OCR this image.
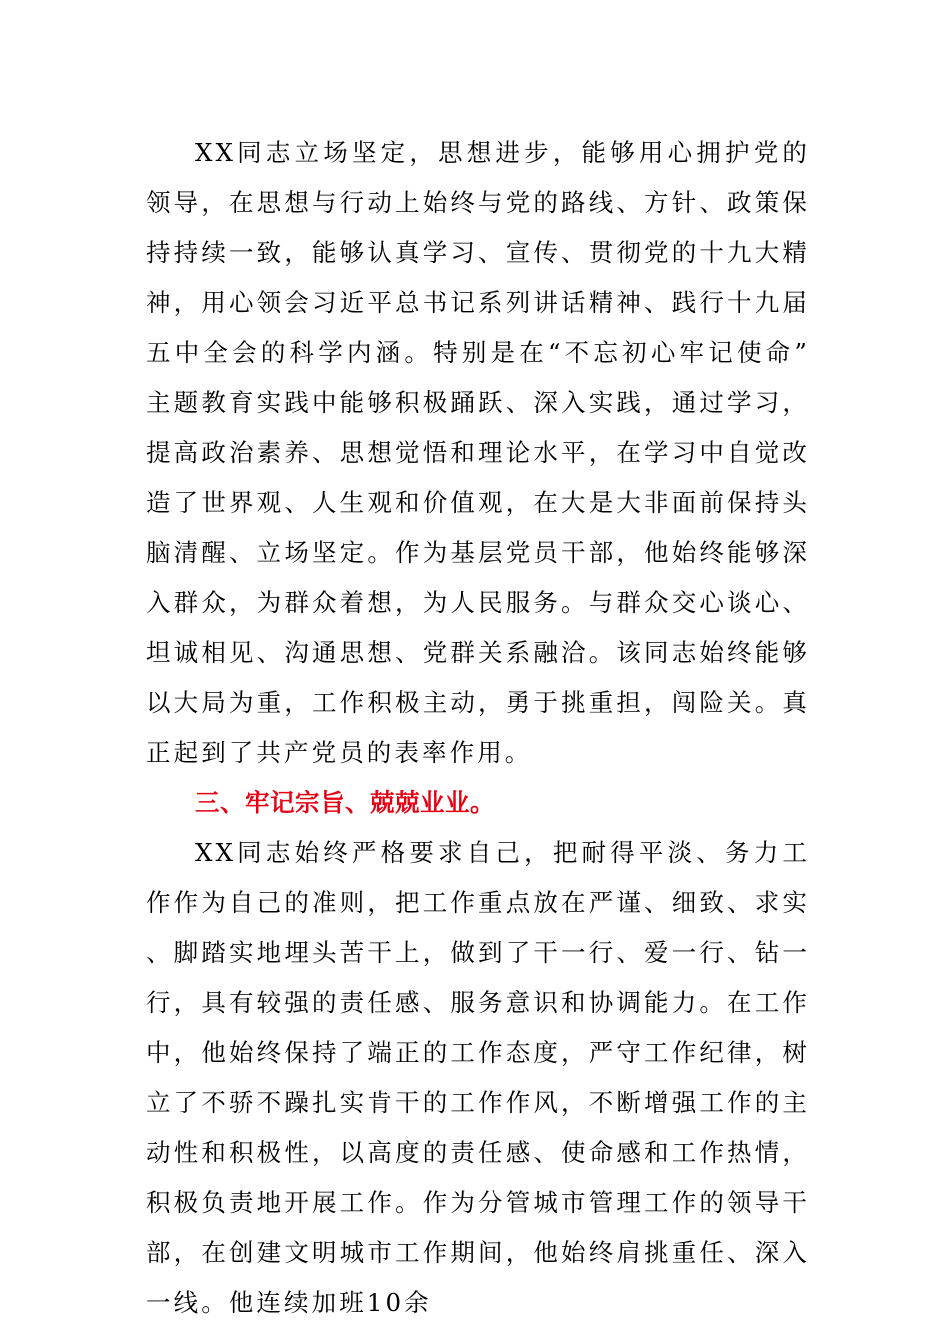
XX同志立场坚定，思想进步，能够用心拥护党的领导，在思想与行动上始终与党的路线、方针、政策保持持续一致，能够认真学习、宣传、贯彻党的十九大精神，用心领会习近平总书记系列讲话精神、践行十九届五中全会的科学内涵。特别是在“不忘初心牢记使命”主题教育实践中能够积极踊跃、深入实践，通过学习，提高政治素养、思想觉悟和理论水平，在学习中自觉改造了世界观、人生观和价值观，在大是大非面前保持头脑清醒、立场坚定。作为基层党员干部，他始终能够深入群众，为群众着想，为人民服务。与群众交心谈心、坦诚相见、沟通思想、党群关系融洽。该同志始终能够以大局为重，工作积极主动，勇于挑重担，闯险关。真正起到了共产党员的表率作用。

三、牢记宗旨、兢兢业业。

XX同志始终严格要求自己，把耐得平淡、务力工作作为自己的准则，把工作重点放在严谨、细致、求实、脚踏实地埋头苦干上，做到了干一行、爱一行、钻一行，具有较强的责任感、服务意识和协调能力。在工作中，他始终保持了端正的工作态度，严守工作纪律，树立了不骄不躁扎实肯干的工作作风，不断增强工作的主动性和积极性，以高度的责任感、使命感和工作热情，积极负责地开展工作。作为分管城市管理工作的领导干部，在创建文明城市工作期间，他始终肩挑重任、深入一线。他连续加班10余
